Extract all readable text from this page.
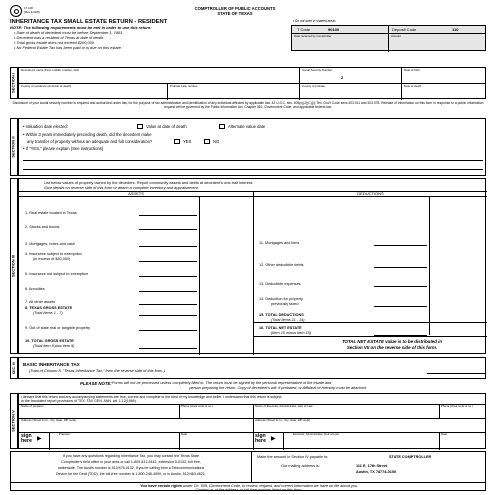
17-100
(Rev.9-02/8)
COMPTROLLER OF PUBLIC ACCOUNTS
STATE OF TEXAS
INHERITANCE TAX SMALL ESTATE RETURN - RESIDENT
NOTE: The following requirements must be met in order to use this return:
• Date of death of decedent must be before September 1, 1981.
• Decedent was a resident of Texas at date of death.
• Total gross estate does not exceed $200,000.
• No Federal Estate Tax has been paid or is due on this estate.
• Do not write in shaded areas
T Code	90100	Deposit Code	110
Date received by Comptroller	Amount
SECTION I
Decedent's name (First, middle, maiden, last)	Social Security Number
2
Date of birth
County of residence (domicile at death)	Probate case number	County of probate	Date of death
Disclosure of your social security number is required and authorized under law, for the purpose of tax administration and identification of any individual affected by applicable law. 42 U.S.C. sec. 405(c)(2)(C)(i); Tex. Gov't Code secs 403.011 and 403.078. Release of information on this form in response to a public information request will be governed by the Public Information Act, Chapter 552, Government Code, and applicable federal law.
SECTION II
• Valuation date elected:	Value at date of death	Alternate value date
• Within 3 years immediately preceding death, did the decedent make
any transfer of property without an adequate and full consideration?	YES	NO
• If "YES," please explain (See instructions)
SECTION III
List below values of property owned by the decedent. Report community assets and debts at decedent's one-half interest.
Give details on reverse side of this form or attach a complete inventory and appraisement.
ASSETS	DEDUCTIONS
1. Real estate located in Texas
2. Stocks and bonds
3. Mortgages, notes and cash
4. Insurance subject to exemption
(in excess of $40,000)
5. Insurance not subject to exemption
6. Annuities
7. All other assets
8. TEXAS GROSS ESTATE
(Total Items 1 - 7)
9. Out of state real or tangible property
10. TOTAL GROSS ESTATE
(Total item 8 plus item 9)
11. Mortgages and liens
12. Other deductible debts
13. Deductible expenses
14. Deduction for property
previously taxed
15. TOTAL DEDUCTIONS
(Total Items 11 - 14)
16. TOTAL NET ESTATE
(Item 10 minus Item 15)
TOTAL NET ESTATE value is to be distributed in
Section VII on the reverse side of this form.
SEC. IV BASIC INHERITANCE TAX
(Total of Column 8, "Texas Inheritance Tax," from the reverse side of this form.)
PLEASE NOTE: Forms will not be processed unless completely filled in. The return must be signed by the personal representative of the estate and
person preparing the return. Copy of decedent's will, if probated, or Affidavit of Heirship must be attached.
SECTION V
I declare that this return and any accompanying statements are true, correct and complete to the best of my knowledge and belief. I understand that this return is subject
to the fraudulent report provisions of TEX. TAX GEN. ANN. art. 1.12(1969).
Name of preparer	Phone (Area code & no.)	Name of Executor, Administrator, Heir at Law	Phone (Area code & no.)
Address (Street & no., city, state, ZIP code)	Address (Street & no., city, state, ZIP code)
sign here ▶
Preparer	Date	sign here ▶
Executor, Administrator, Heir at Law	Date
If you have any questions regarding Inheritance Tax, you may contact the Texas State
Comptroller's field office in your area or call 1-800-531-5441, extension 5-0132, toll free,
nationwide. The Austin number is 512/475-0132. If you're calling from a Telecommunications
Device for the Deaf (TDD), the toll-free number is 1-800-248-4099, or in Austin, 512/463-4621.
Make the amount in Section IV payable to:	STATE COMPTROLLER
Our mailing address is:	111 E. 17th Street
Austin, TX 78774-0100
You have certain rights under Ch. 559, Government Code, to review, request, and correct information we have on file about you.
Contact us at the address or toll-free number listed on this form.
